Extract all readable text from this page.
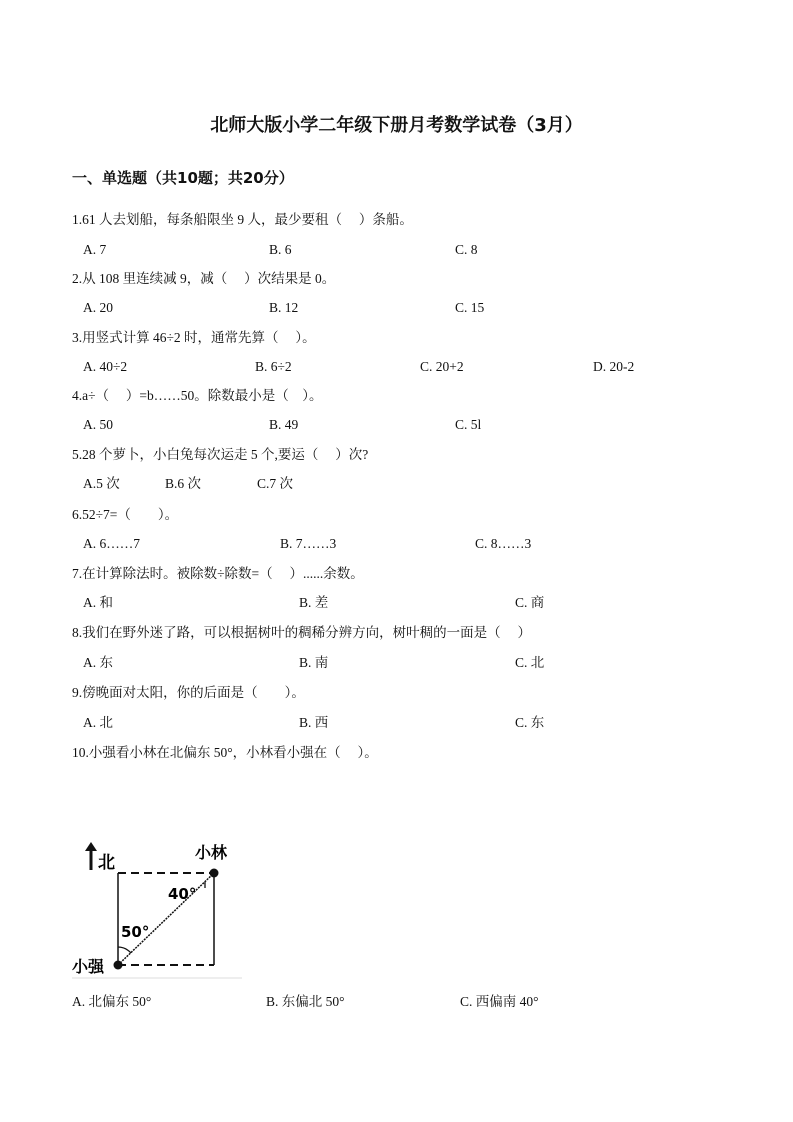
北师大版小学二年级下册月考数学试卷（3月）
一、单选题（共10题；共20分）
1.61 人去划船，每条船限坐 9 人，最少要租（　 ）条船。
A. 7	B. 6	C. 8
2.从 108 里连续减 9，减（　 ）次结果是 0。
A. 20	B. 12	C. 15
3.用竖式计算 46÷2 时，通常先算（　 ）。
A. 40÷2	B. 6÷2	C. 20+2	D. 20-2
4.a÷（　 ）=b……50。除数最小是（　）。
A. 50	B. 49	C. 5l
5.28 个萝卜，小白兔每次运走 5 个,要运（　 ）次?
A.5 次	B.6 次	C.7 次
6.52÷7=（　　）。
A. 6……7	B. 7……3	C. 8……3
7.在计算除法时。被除数÷除数=（　 ）......余数。
A. 和	B. 差	C. 商
8.我们在野外迷了路，可以根据树叶的稠稀分辨方向，树叶稠的一面是（　 ）
A. 东	B. 南	C. 北
9.傍晚面对太阳，你的后面是（　　）。
A. 北	B. 西	C. 东
10.小强看小林在北偏东 50°，小林看小强在（　 ）。
A. 北偏东 50°	B. 东偏北 50°	C. 西偏南 40°
北
小林
小强
40°
50°
